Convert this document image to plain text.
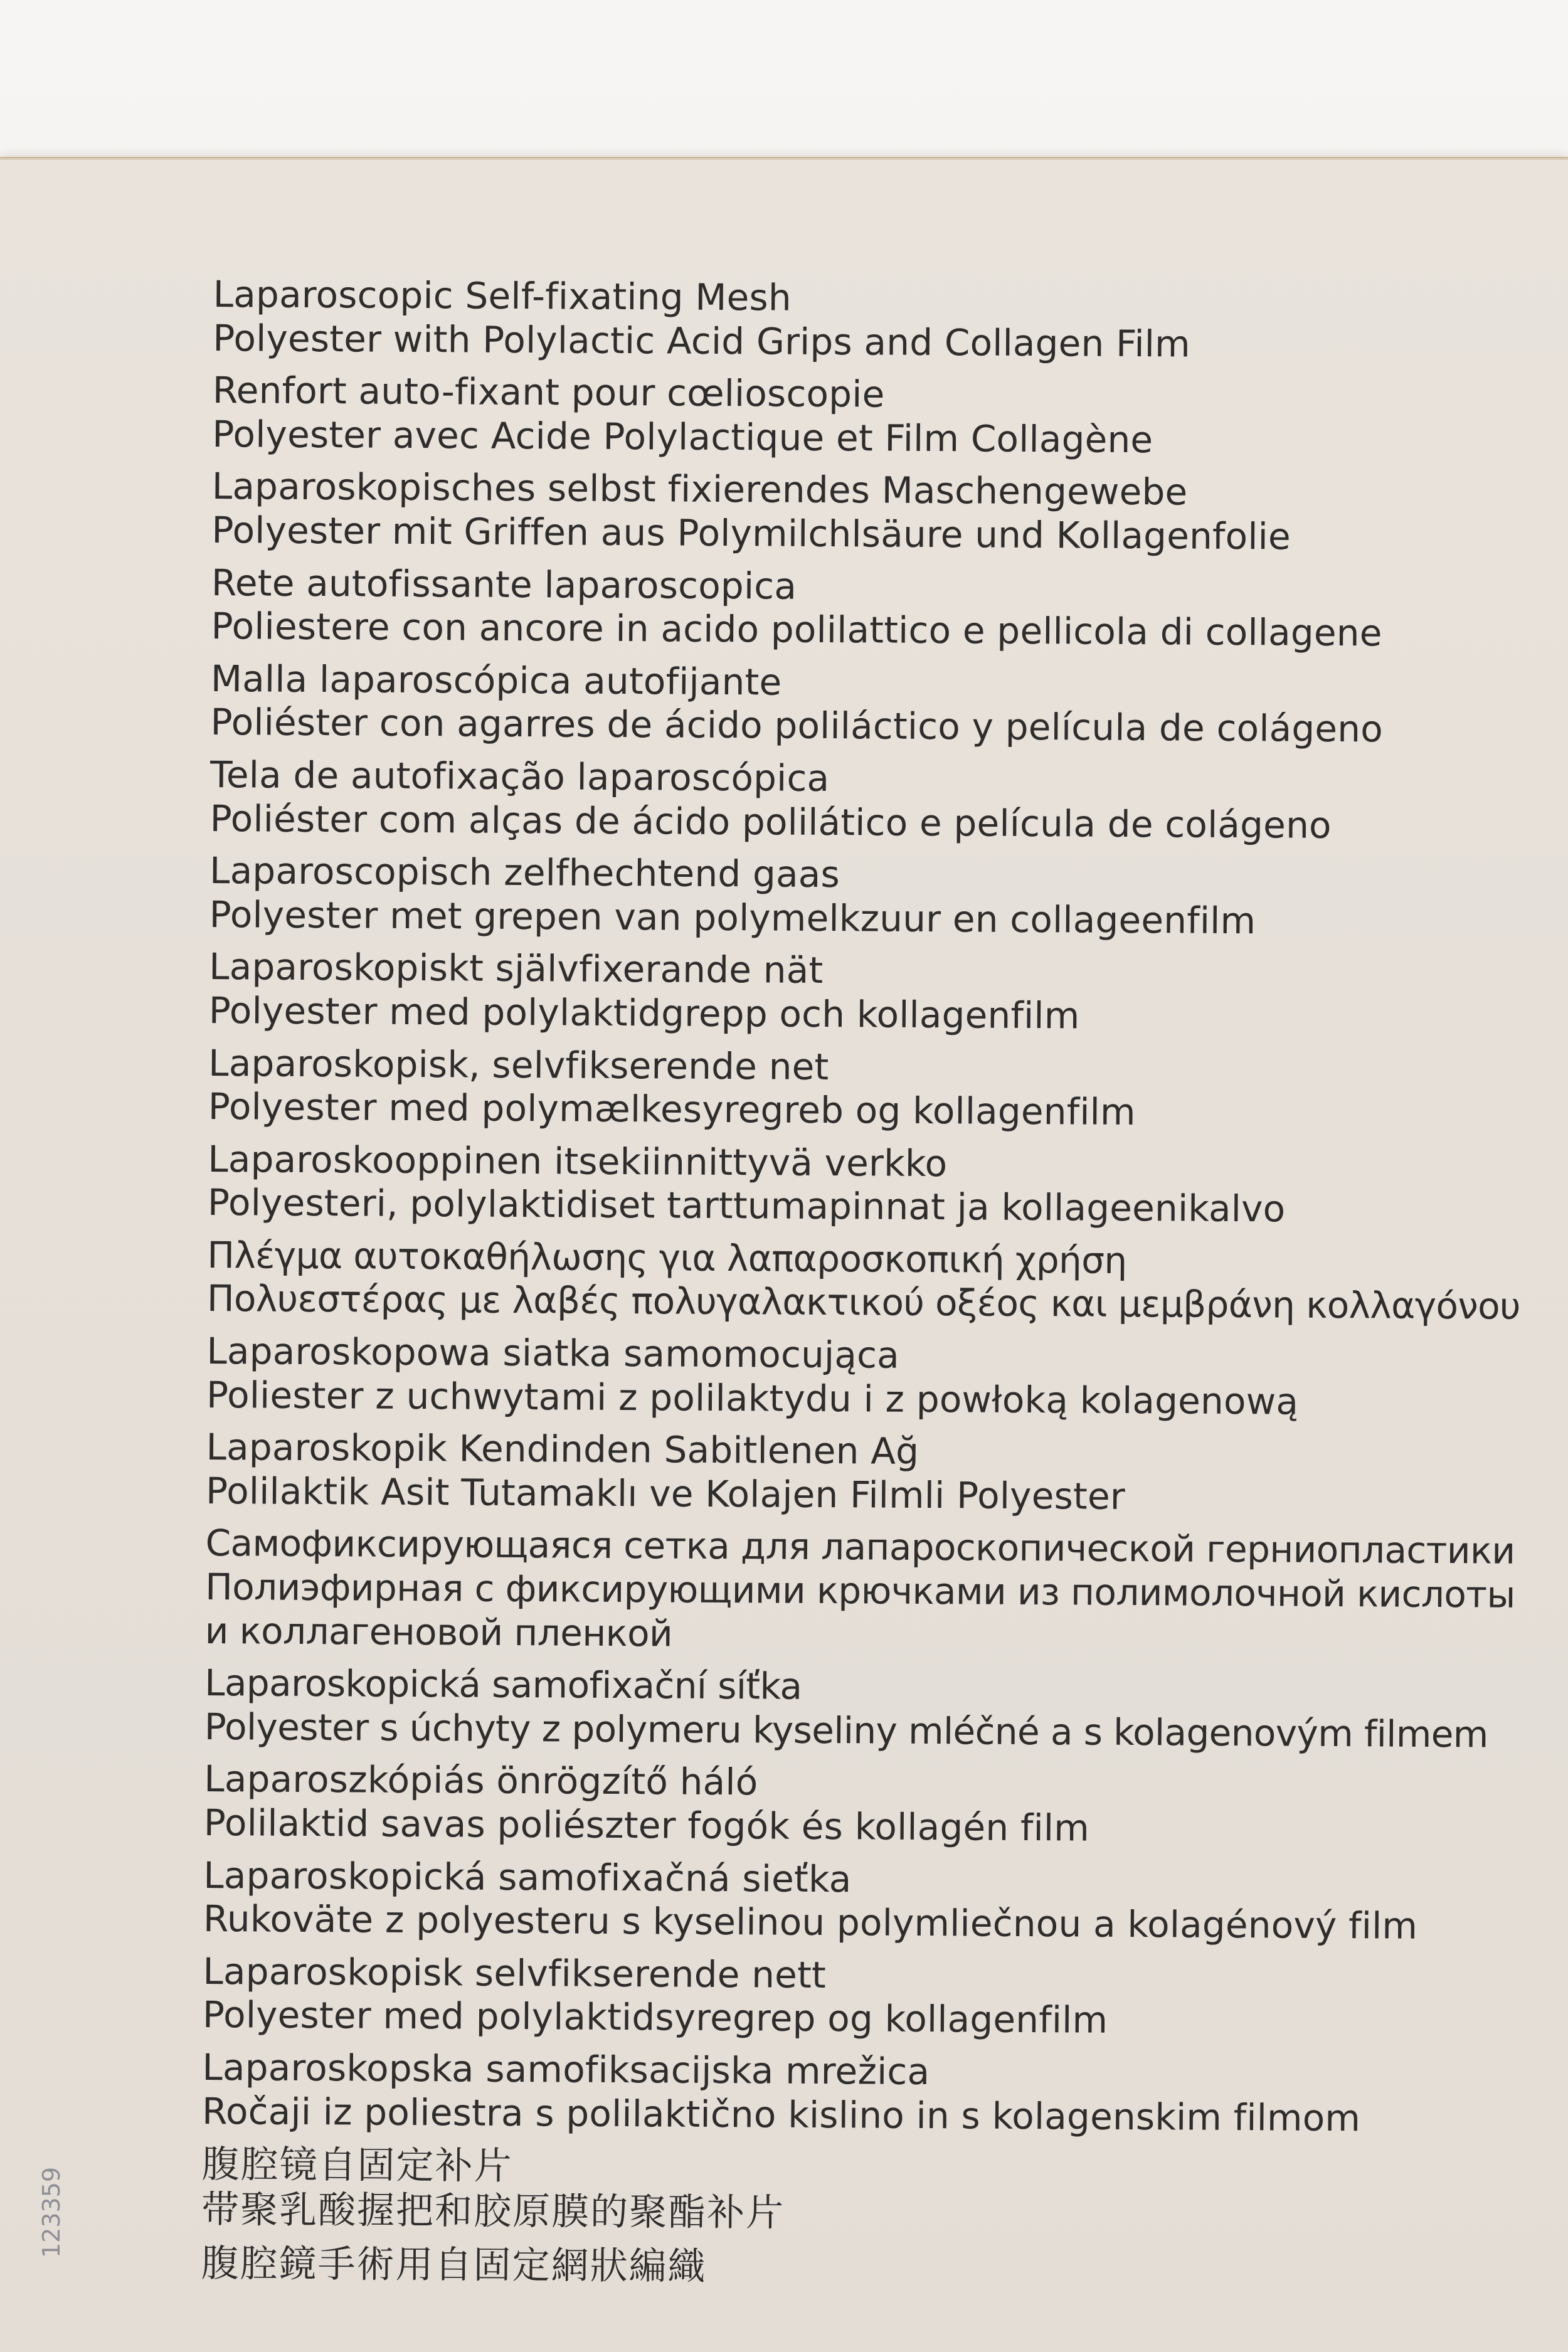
Laparoscopic Self-fixating Mesh
Polyester with Polylactic Acid Grips and Collagen Film
Renfort auto-fixant pour cœlioscopie
Polyester avec Acide Polylactique et Film Collagène
Laparoskopisches selbst fixierendes Maschengewebe
Polyester mit Griffen aus Polymilchlsäure und Kollagenfolie
Rete autofissante laparoscopica
Poliestere con ancore in acido polilattico e pellicola di collagene
Malla laparoscópica autofijante
Poliéster con agarres de ácido poliláctico y película de colágeno
Tela de autofixação laparoscópica
Poliéster com alças de ácido polilático e película de colágeno
Laparoscopisch zelfhechtend gaas
Polyester met grepen van polymelkzuur en collageenfilm
Laparoskopiskt självfixerande nät
Polyester med polylaktidgrepp och kollagenfilm
Laparoskopisk, selvfikserende net
Polyester med polymælkesyregreb og kollagenfilm
Laparoskooppinen itsekiinnittyvä verkko
Polyesteri, polylaktidiset tarttumapinnat ja kollageenikalvo
Πλέγμα αυτοκαθήλωσης για λαπαροσκοπική χρήση
Πολυεστέρας με λαβές πολυγαλακτικού οξέος και μεμβράνη κολλαγόνου
Laparoskopowa siatka samomocująca
Poliester z uchwytami z polilaktydu i z powłoką kolagenową
Laparoskopik Kendinden Sabitlenen Ağ
Polilaktik Asit Tutamaklı ve Kolajen Filmli Polyester
Самофиксирующаяся сетка для лапароскопической герниопластики
Полиэфирная с фиксирующими крючками из полимолочной кислоты
и коллагеновой пленкой
Laparoskopická samofixační síťka
Polyester s úchyty z polymeru kyseliny mléčné a s kolagenovým filmem
Laparoszkópiás önrögzítő háló
Polilaktid savas poliészter fogók és kollagén film
Laparoskopická samofixačná sieťka
Rukoväte z polyesteru s kyselinou polymliečnou a kolagénový film
Laparoskopisk selvfikserende nett
Polyester med polylaktidsyregrep og kollagenfilm
Laparoskopska samofiksacijska mrežica
Ročaji iz poliestra s polilaktično kislino in s kolagenskim filmom
腹腔镜自固定补片
带聚乳酸握把和胶原膜的聚酯补片
腹腔鏡手術用自固定網狀編織
123359
